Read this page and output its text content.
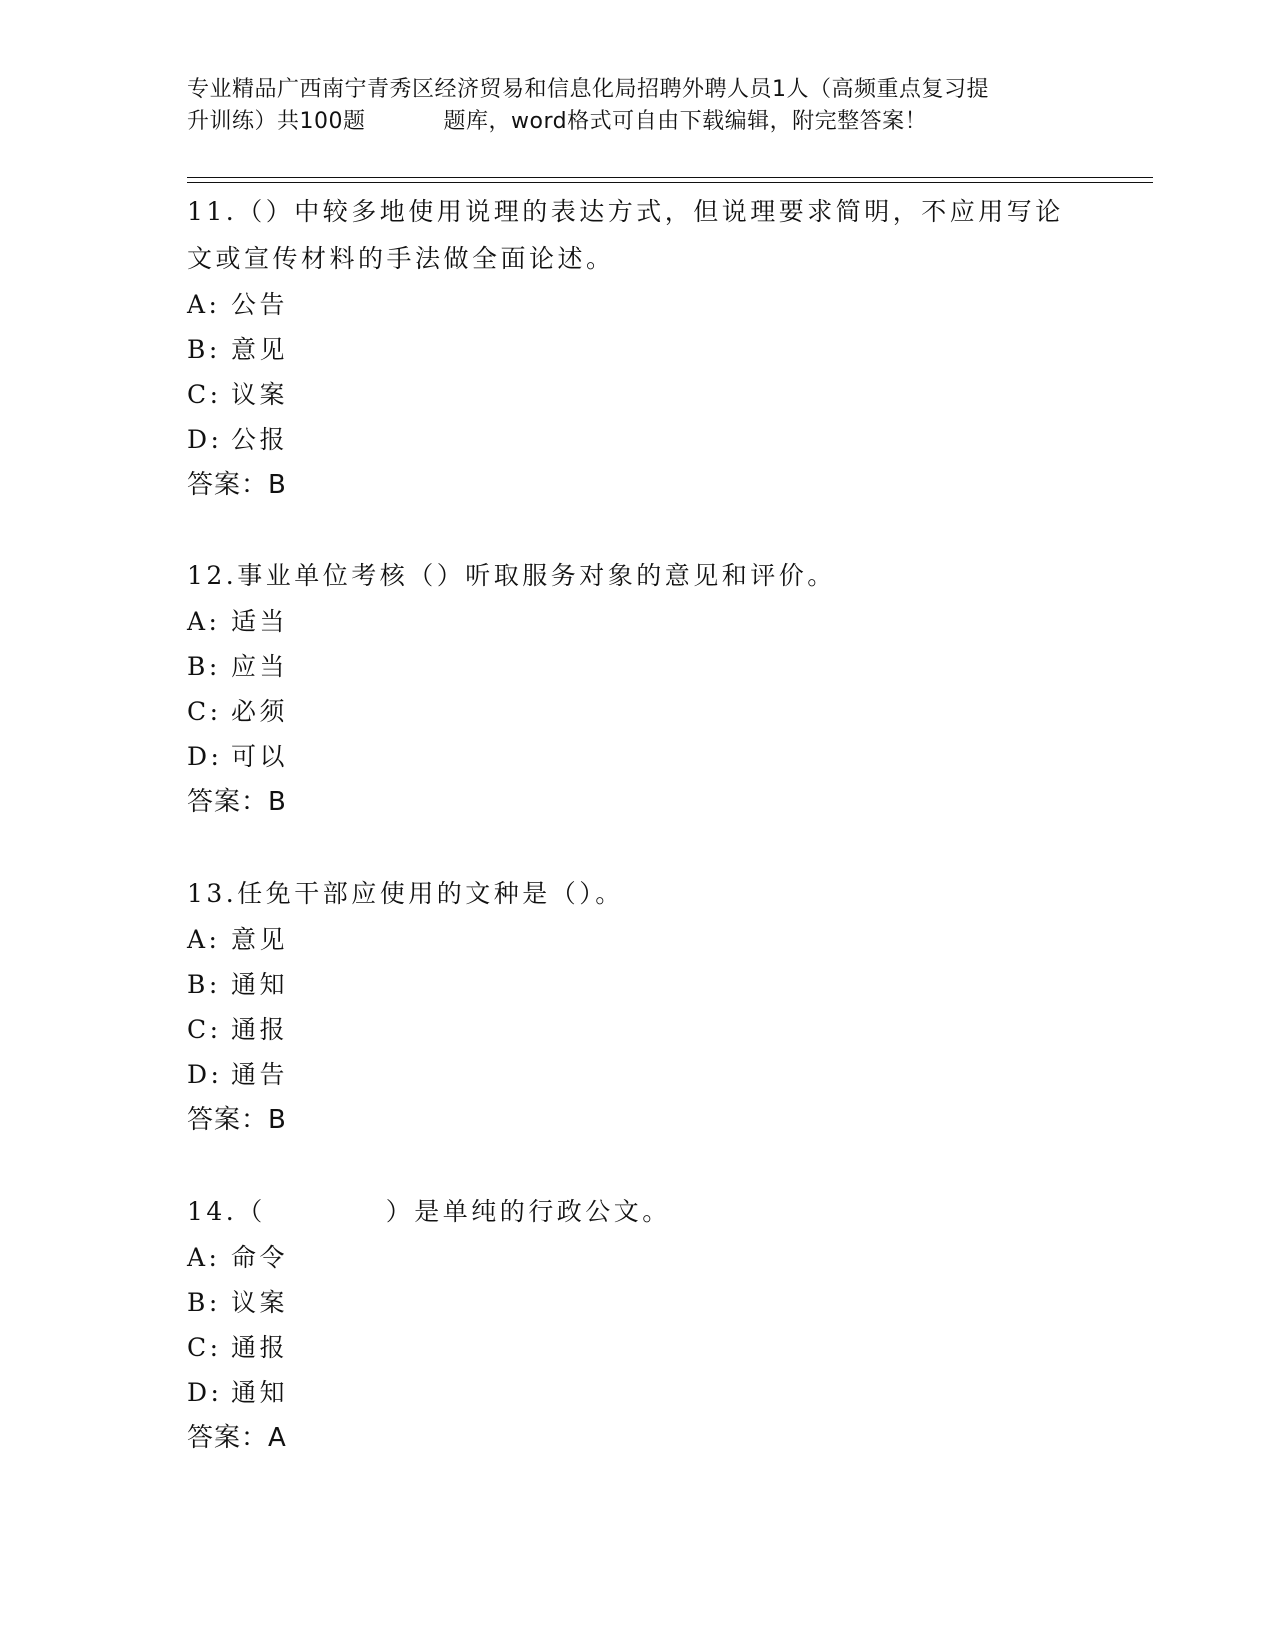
专业精品广西南宁青秀区经济贸易和信息化局招聘外聘人员1人（高频重点复习提
升训练）共100题	题库，word格式可自由下载编辑，附完整答案！

11.（）中较多地使用说理的表达方式，但说理要求简明，不应用写论

文或宣传材料的手法做全面论述。

A: 公告

B: 意见

C: 议案

D: 公报

答案：B

12.事业单位考核（）听取服务对象的意见和评价。

A: 适当

B: 应当

C: 必须

D: 可以

答案：B

13.任免干部应使用的文种是（）。

A: 意见

B: 通知

C: 通报

D: 通告

答案：B

14.（	）是单纯的行政公文。

A: 命令

B: 议案

C: 通报

D: 通知

答案：A
